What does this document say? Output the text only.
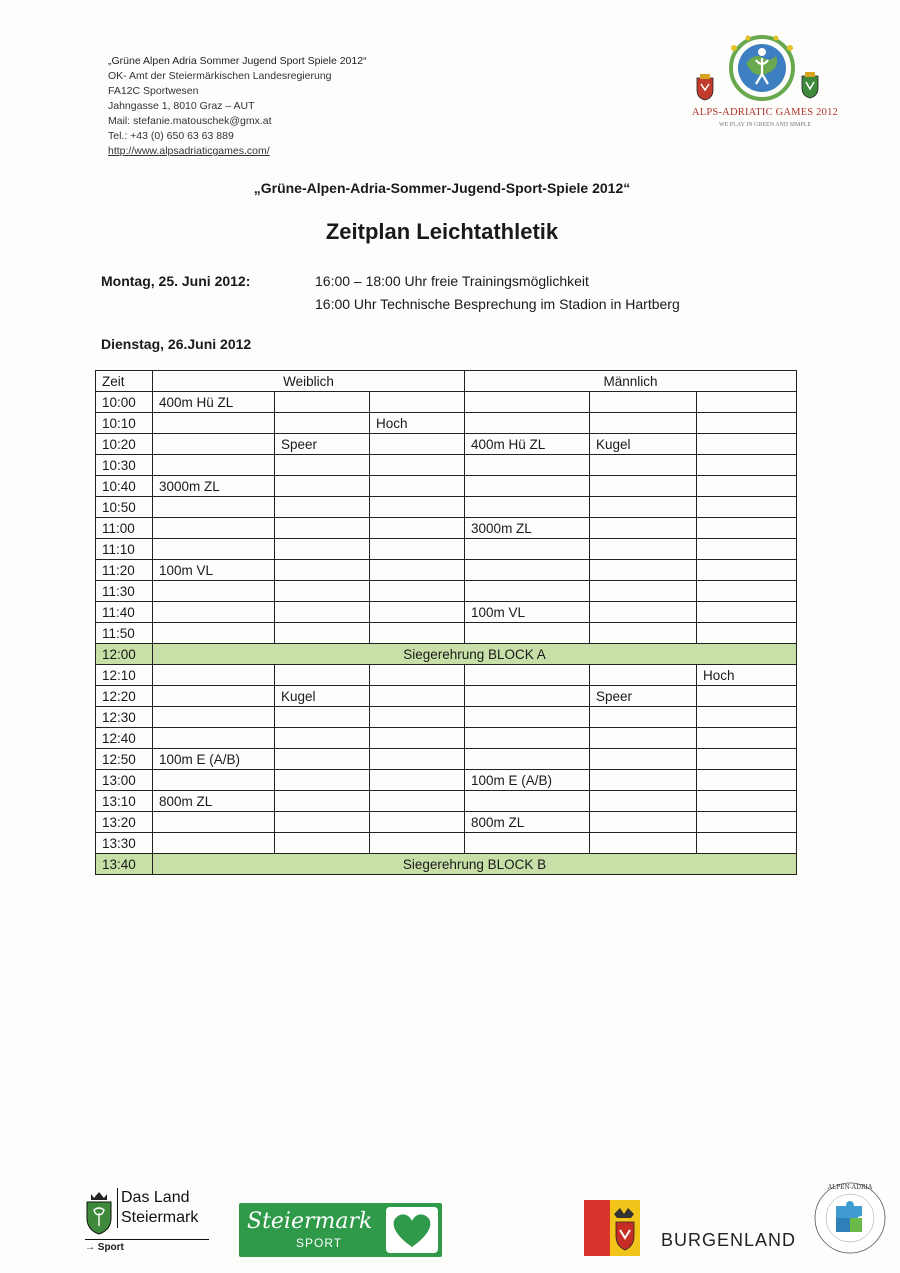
„Grüne Alpen Adria Sommer Jugend Sport Spiele 2012“
OK- Amt der Steiermärkischen Landesregierung
FA12C Sportwesen
Jahngasse 1, 8010 Graz – AUT
Mail: stefanie.matouschek@gmx.at
Tel.: +43 (0) 650 63 63 889
http://www.alpsadriaticgames.com/
ALPS-ADRIATIC GAMES 2012
WE PLAY IN GREEN AND SIMPLE
„Grüne-Alpen-Adria-Sommer-Jugend-Sport-Spiele 2012“
Zeitplan Leichtathletik
Montag, 25. Juni 2012:	16:00 – 18:00 Uhr freie Trainingsmöglichkeit
16:00 Uhr Technische Besprechung im Stadion in Hartberg
Dienstag, 26.Juni 2012
Zeit	Weiblich			Männlich		
10:00	400m Hü ZL					
10:10			Hoch			
10:20		Speer		400m Hü ZL	Kugel	
10:30						
10:40	3000m ZL					
10:50						
11:00				3000m ZL		
11:10						
11:20	100m VL					
11:30						
11:40				100m VL		
11:50						
12:00	Siegerehrung BLOCK A					
12:10						Hoch
12:20		Kugel			Speer	
12:30						
12:40						
12:50	100m E (A/B)					
13:00				100m E (A/B)		
13:10	800m ZL					
13:20				800m ZL		
13:30						
13:40	Siegerehrung BLOCK B					
Das Land
Steiermark
→ Sport
Steiermark
SPORT	BURGENLAND
ALPEN-ADRIA
